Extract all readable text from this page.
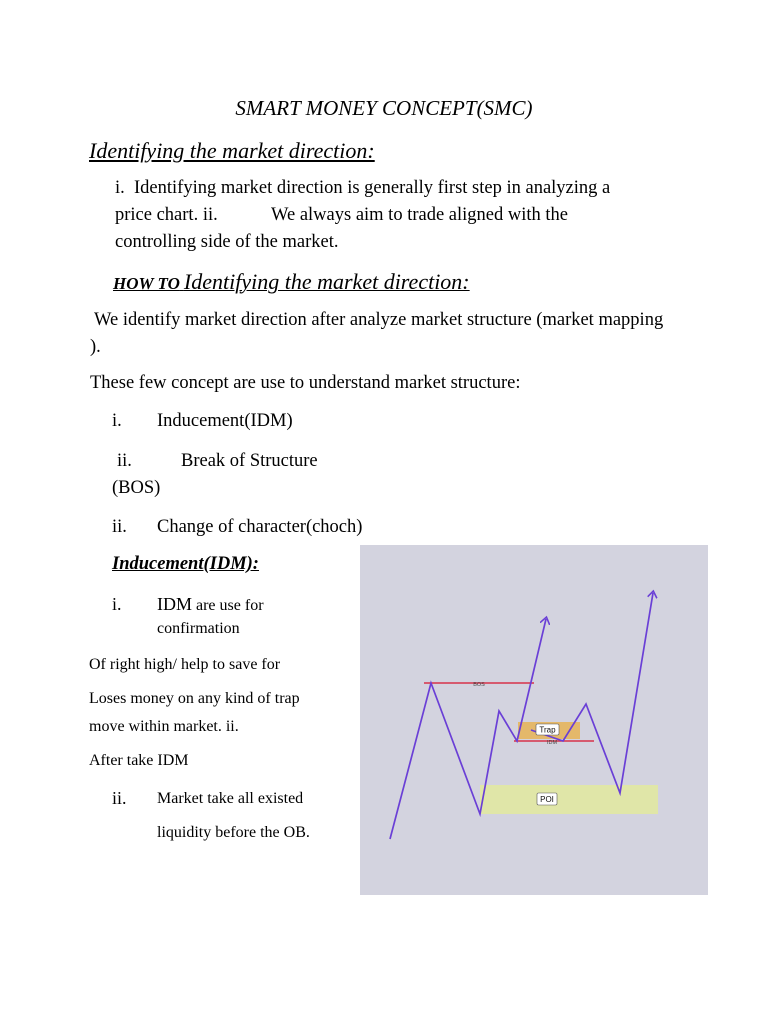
SMART MONEY CONCEPT(SMC)
Identifying the market direction:
i. Identifying market direction is generally first step in analyzing a
price chart. ii.	We always aim to trade aligned with the
controlling side of the market.
HOW TO Identifying the market direction:
We identify market direction after analyze market structure (market mapping ).
These few concept are use to understand market structure:
i. Inducement(IDM)
ii.	Break of Structure
(BOS)
ii. Change of character(choch)
Inducement(IDM):
i. IDM are use for
confirmation
Of right high/ help to save for
Loses money on any kind of trap
move within market. ii.
After take IDM
ii. Market take all existed
liquidity before the OB.
BOS
IDM
Trap
POI
